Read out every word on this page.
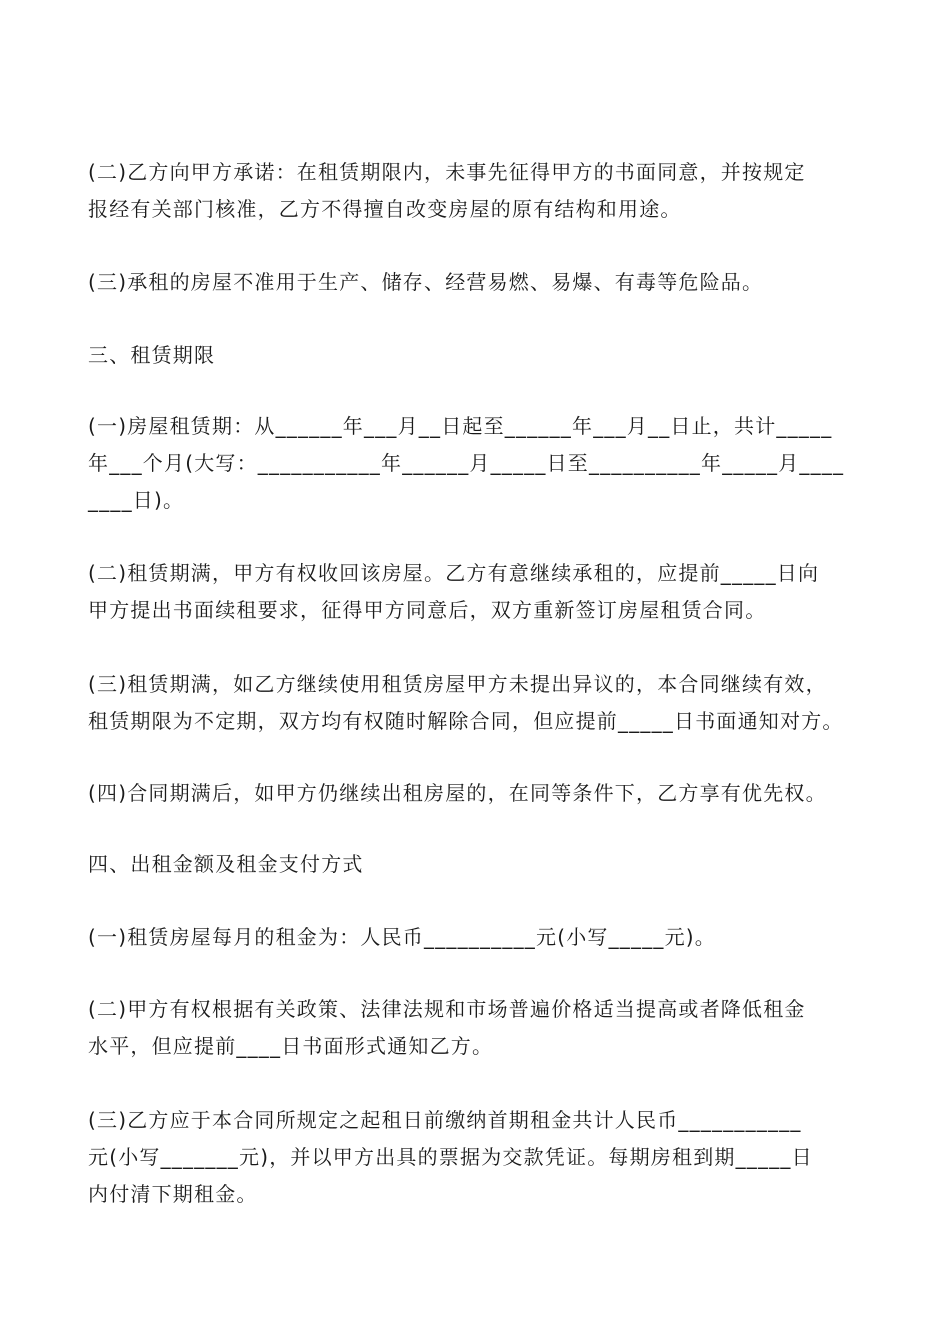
(二)乙方向甲方承诺：在租赁期限内，未事先征得甲方的书面同意，并按规定
报经有关部门核准，乙方不得擅自改变房屋的原有结构和用途。
(三)承租的房屋不准用于生产、储存、经营易燃、易爆、有毒等危险品。
三、租赁期限
(一)房屋租赁期：从______年___月__日起至______年___月__日止，共计_____
年___个月(大写：___________年______月_____日至__________年_____月____
____日)。
(二)租赁期满，甲方有权收回该房屋。乙方有意继续承租的，应提前_____日向
甲方提出书面续租要求，征得甲方同意后，双方重新签订房屋租赁合同。
(三)租赁期满，如乙方继续使用租赁房屋甲方未提出异议的，本合同继续有效，
租赁期限为不定期，双方均有权随时解除合同，但应提前_____日书面通知对方。
(四)合同期满后，如甲方仍继续出租房屋的，在同等条件下，乙方享有优先权。
四、出租金额及租金支付方式
(一)租赁房屋每月的租金为：人民币__________元(小写_____元)。
(二)甲方有权根据有关政策、法律法规和市场普遍价格适当提高或者降低租金
水平，但应提前____日书面形式通知乙方。
(三)乙方应于本合同所规定之起租日前缴纳首期租金共计人民币___________
元(小写_______元)，并以甲方出具的票据为交款凭证。每期房租到期_____日
内付清下期租金。
